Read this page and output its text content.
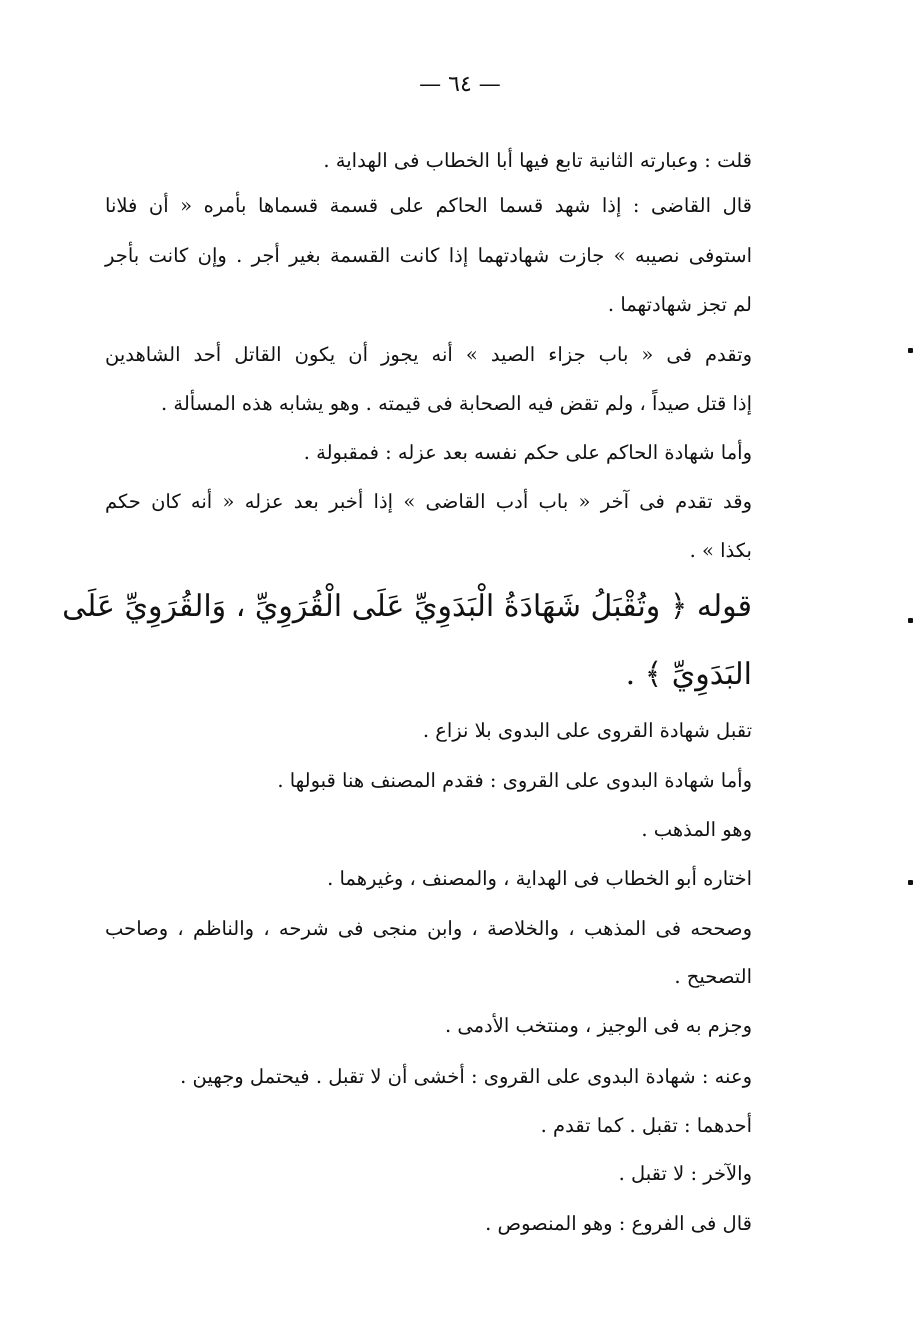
— ٦٤ —
قلت : وعبارته الثانية تابع فيها أبا الخطاب فى الهداية .
قال القاضى : إذا شهد قسما الحاكم على قسمة قسماها بأمره « أن فلانا
استوفى نصيبه » جازت شهادتهما إذا كانت القسمة بغير أجر . وإن كانت بأجر
لم تجز شهادتهما .
وتقدم فى « باب جزاء الصيد » أنه يجوز أن يكون القاتل أحد الشاهدين
إذا قتل صيداً ، ولم تقض فيه الصحابة فى قيمته . وهو يشابه هذه المسألة .
وأما شهادة الحاكم على حكم نفسه بعد عزله : فمقبولة .
وقد تقدم فى آخر « باب أدب القاضى » إذا أخبر بعد عزله « أنه كان حكم
بكذا » .
قوله ﴿ وتُقْبَلُ شَهَادَةُ الْبَدَوِيِّ عَلَى الْقُرَوِيِّ ، وَالقُرَوِيِّ عَلَى
البَدَوِيِّ ﴾ .
تقبل شهادة القروى على البدوى بلا نزاع .
وأما شهادة البدوى على القروى : فقدم المصنف هنا قبولها .
وهو المذهب .
اختاره أبو الخطاب فى الهداية ، والمصنف ، وغيرهما .
وصححه فى المذهب ، والخلاصة ، وابن منجى فى شرحه ، والناظم ، وصاحب
التصحيح .
وجزم به فى الوجيز ، ومنتخب الأدمى .
وعنه : شهادة البدوى على القروى : أخشى أن لا تقبل . فيحتمل وجهين .
أحدهما : تقبل . كما تقدم .
والآخر : لا تقبل .
قال فى الفروع : وهو المنصوص .
